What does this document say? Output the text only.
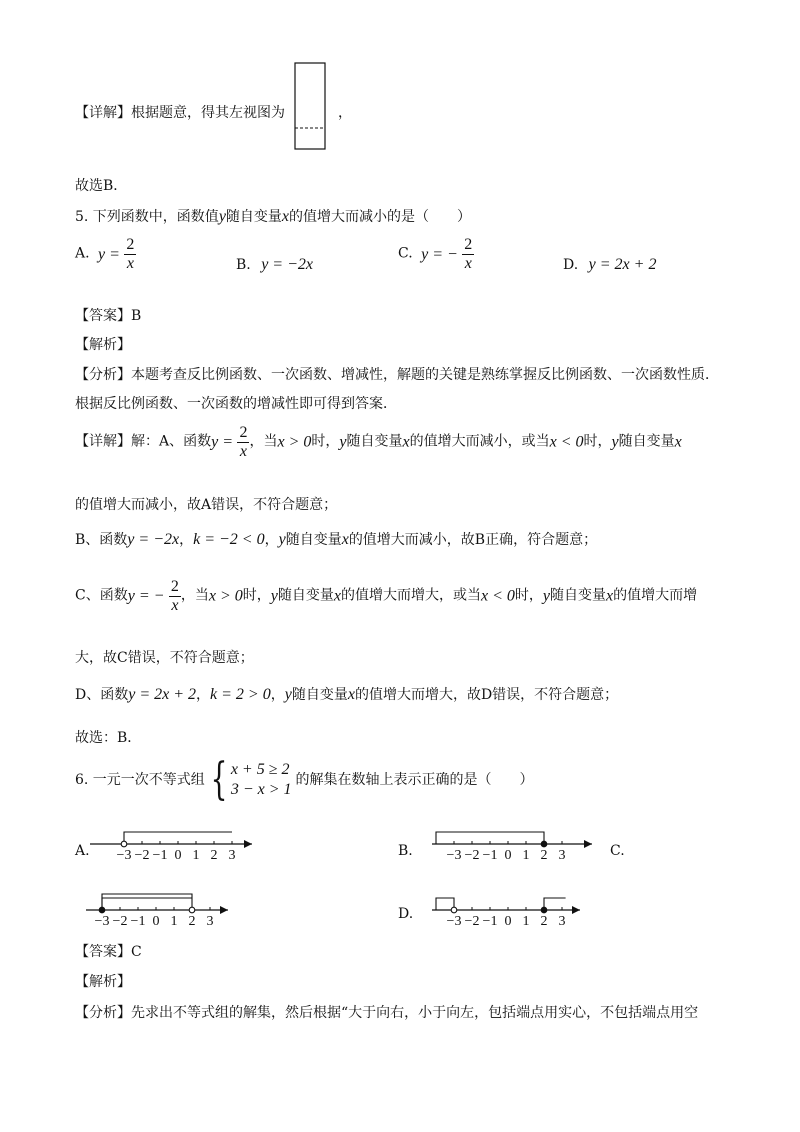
【详解】根据题意，得其左视图为	，
故选B．
5. 下列函数中，函数值y随自变量x的值增大而减小的是（　　）
A. $y = \frac{2}{x}$	B. y = −2x
C. y = − $\frac{2}{x}$	D. y = 2x + 2
【答案】B
【解析】
【分析】本题考查反比例函数、一次函数、增减性，解题的关键是熟练掌握反比例函数、一次函数性质．
根据反比例函数、一次函数的增减性即可得到答案．
【详解】解：A、函数$y = \frac{2}{x}$ ，当x > 0时，y随自变量x的值增大而减小，或当x < 0时，y随自变量x
的值增大而减小，故A错误，不符合题意；
B、函数y = −2x，k = −2 < 0，y随自变量x的值增大而减小，故B正确，符合题意；
C、函数y = − $\frac{2}{x}$ ，当x > 0时，y随自变量x的值增大而增大，或当x < 0时，y随自变量x的值增大而增
大，故C错误，不符合题意；
D、函数y = 2x + 2，k = 2 > 0，y随自变量x的值增大而增大，故D错误，不符合题意；
故选：B．
6. 一元一次不等式组 { x + 5 ≥ 2
3 − x > 1
的解集在数轴上表示正确的是（　　）
A. −3 −2 −1 0 1 2 3	B. −3 −2 −1 0 1 2 3	C.
−3 −2 −1 0 1 2 3	D. −3 −2 −1 0 1 2 3
【答案】C
【解析】
【分析】先求出不等式组的解集，然后根据“大于向右，小于向左，包括端点用实心，不包括端点用空
